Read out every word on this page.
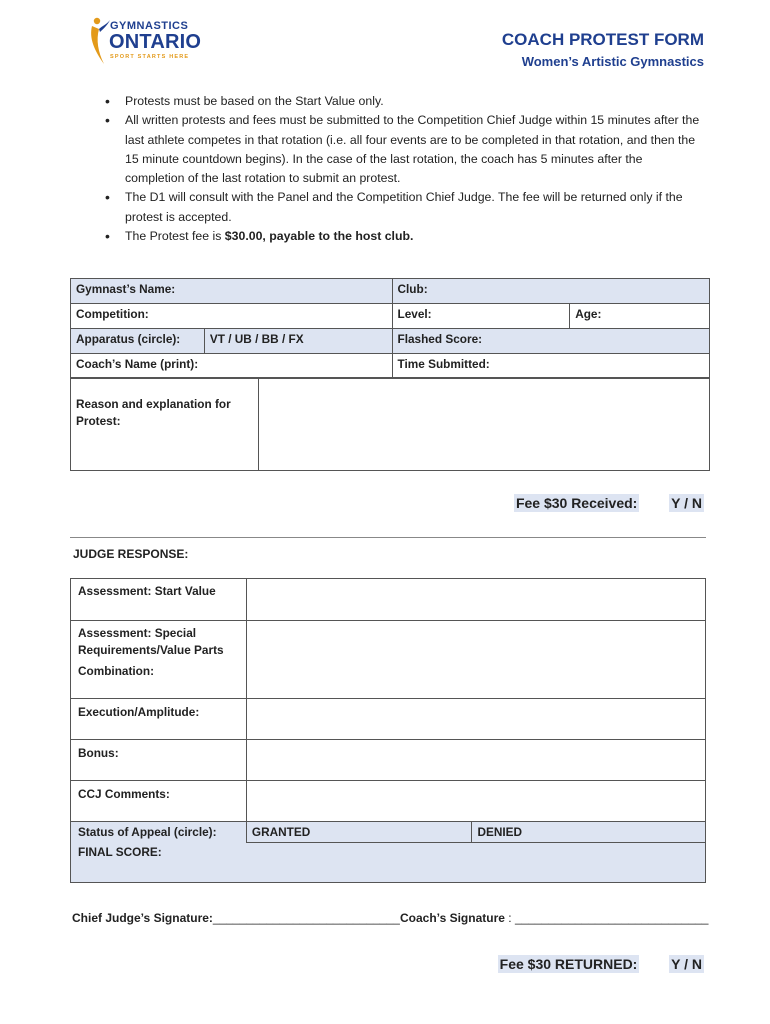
GYMNASTICS
ONTARIO
SPORT STARTS HERE
COACH PROTEST FORM
Women’s Artistic Gymnastics
• Protests must be based on the Start Value only.
• All written protests and fees must be submitted to the Competition Chief Judge within 15 minutes after the last athlete competes in that rotation (i.e. all four events are to be completed in that rotation, and then the 15 minute countdown begins). In the case of the last rotation, the coach has 5 minutes after the completion of the last rotation to submit an protest.
• The D1 will consult with the Panel and the Competition Chief Judge. The fee will be returned only if the protest is accepted.
• The Protest fee is $30.00, payable to the host club.
Gymnast’s Name:		Club:	
Competition:		Level:	Age:
Apparatus (circle):	VT / UB / BB / FX	Flashed Score:	
Coach’s Name (print):		Time Submitted:	
Reason and explanation for Protest:	
Fee $30 Received: Y / N
JUDGE RESPONSE:
Assessment: Start Value		

Assessment: Special Requirements/Value Parts
Combination:		

Execution/Amplitude:		
Bonus:		
CCJ Comments:		
Status of Appeal (circle):	GRANTED	DENIED
FINAL SCORE:		
Chief Judge’s Signature:____________________________ Coach’s Signature : _____________________________
Fee $30 RETURNED: Y / N
